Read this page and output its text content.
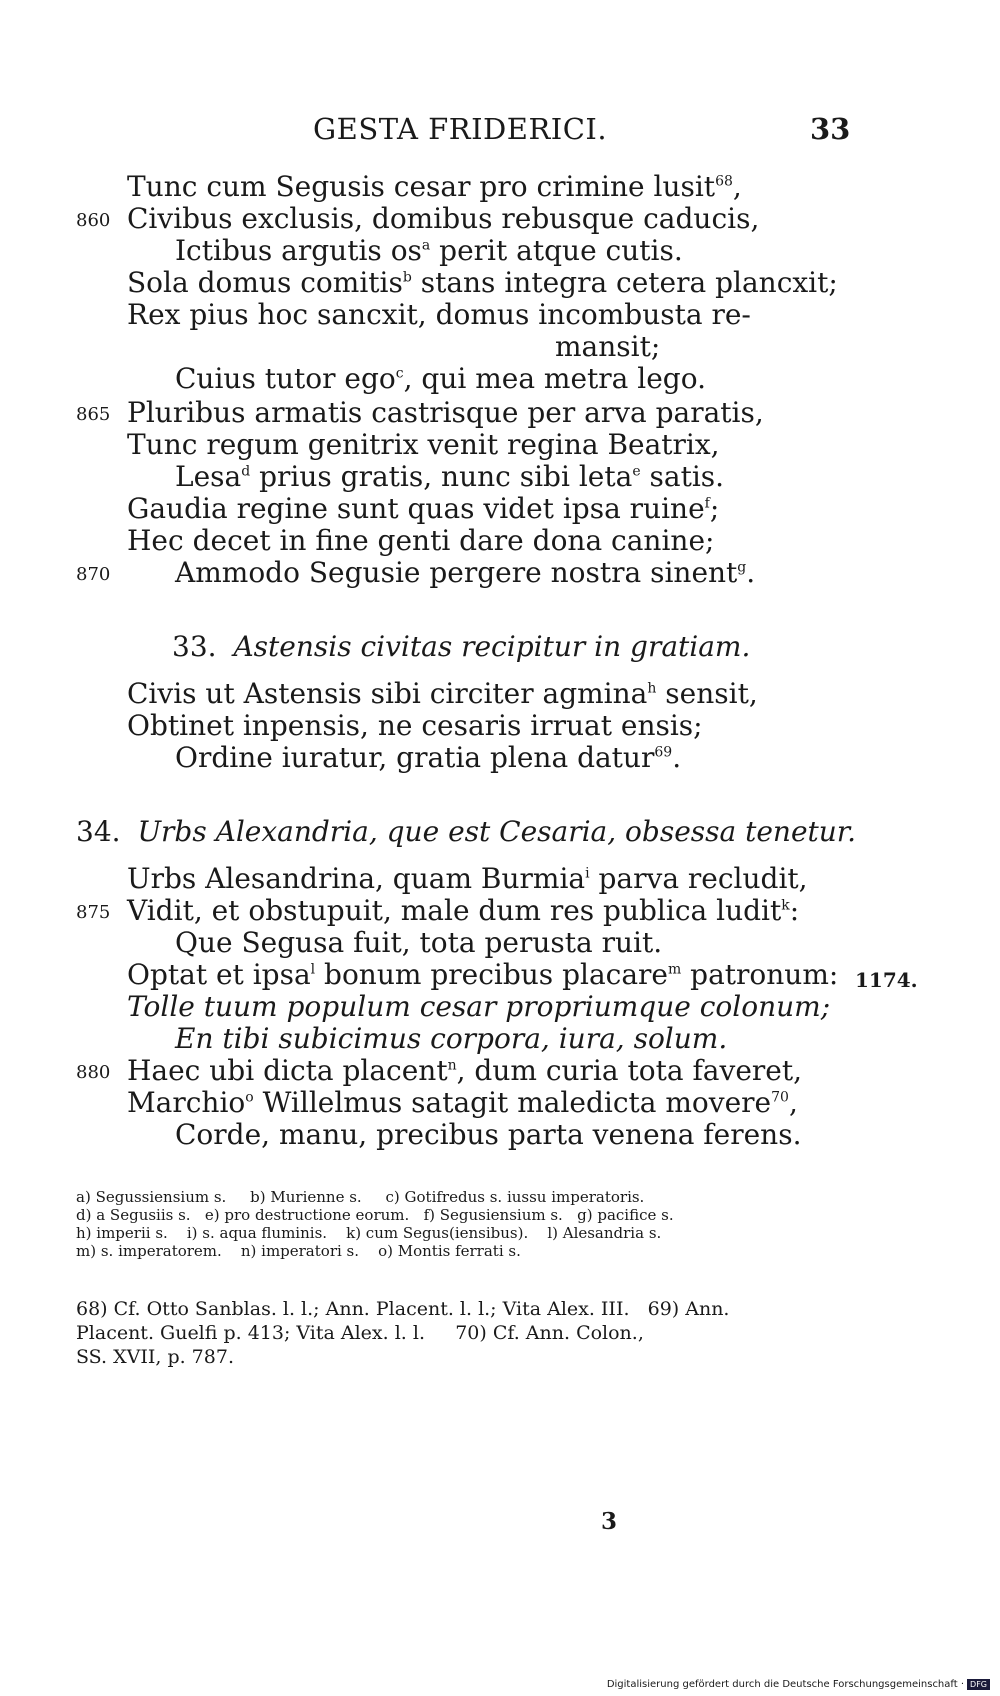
GESTA FRIDERICI.	33
Tunc cum Segusis cesar pro crimine lusit$^{68}$,
Civibus exclusis, domibus rebusque caducis,
860
Ictibus argutis $os^a$ perit atque cutis.
Sola domus comitis$^b$ stans integra cetera plancxit;
Rex pius hoc sancxit, domus incombusta re-
mansit;
Cuius tutor ego$^c$, qui mea metra lego.
Pluribus armatis castrisque per arva paratis,
865
Tunc regum genitrix venit regina Beatrix,
Lesa$^d$ prius gratis, nunc sibi leta$^e$ satis.
Gaudia regine sunt quas videt ipsa ruine$^f$;
Hec decet in fine genti dare dona canine;
Ammodo Segusie pergere nostra sinent$^g$.
870
33. Astensis civitas recipitur in gratiam.
Civis ut Astensis sibi circiter agmina$^h$ sensit,
Obtinet inpensis, ne cesaris irruat ensis;
Ordine iuratur, gratia plena datur$^{69}$.
34. Urbs Alexandria, que est Cesaria, obsessa tenetur.
Urbs Alesandrina, quam Burmia$^i$ parva recludit,
Vidit, et obstupuit, male dum res publica ludit$^k$:
875
Que Segusa fuit, tota perusta ruit.
Optat et ipsa$^l$ bonum precibus placare$^m$ patronum:
Tolle tuum populum cesar propriumque colonum;
En tibi subicimus corpora, iura, solum.
Haec ubi dicta placent$^n$, dum curia tota faveret,
880
Marchio$^o$ Willelmus satagit maledicta movere$^{70}$,
Corde, manu, precibus parta venena ferens.
1174.
a) Segussiensium s.     b) Murienne s.     c) Gotifredus s. iussu imperatoris.
d) a Segusiis s.   e) pro destructione eorum.   f) Segusiensium s.   g) pacifice s.
h) imperii s.    i) s. aqua fluminis.    k) cum Segus(iensibus).    l) Alesandria s.
m) s. imperatorem.    n) imperatori s.    o) Montis ferrati s.
68) Cf. Otto Sanblas. l. l.; Ann. Placent. l. l.; Vita Alex. III.   69) Ann.
Placent. Guelfi p. 413; Vita Alex. l. l.     70) Cf. Ann. Colon.,
SS. XVII, p. 787.
3
Digitalisierung gefördert durch die Deutsche Forschungsgemeinschaft · DFG
